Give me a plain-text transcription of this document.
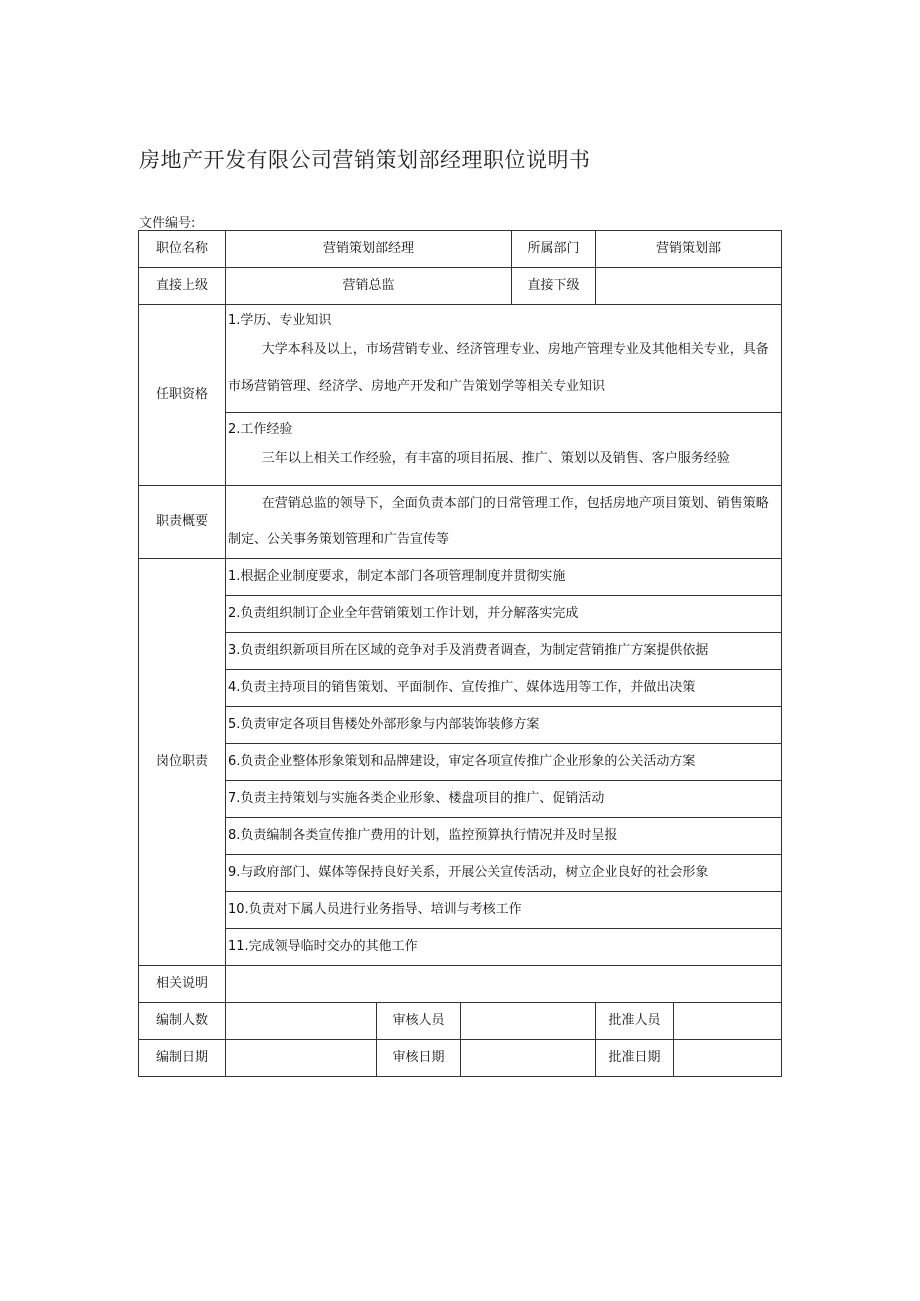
房地产开发有限公司营销策划部经理职位说明书
文件编号:
职位名称	营销策划部经理			所属部门	营销策划部	
直接上级	营销总监			直接下级		
任职资格	1.学历、专业知识
大学本科及以上，市场营销专业、经济管理专业、房地产管理专业及其他相关专业，具备市场营销管理、经济学、房地产开发和广告策划学等相关专业知识					

	2.工作经验
三年以上相关工作经验，有丰富的项目拓展、推广、策划以及销售、客户服务经验					

职责概要	在营销总监的领导下，全面负责本部门的日常管理工作，包括房地产项目策划、销售策略制定、公关事务策划管理和广告宣传等					

岗位职责	1.根据企业制度要求，制定本部门各项管理制度并贯彻实施					
	2.负责组织制订企业全年营销策划工作计划，并分解落实完成					
	3.负责组织新项目所在区域的竞争对手及消费者调查，为制定营销推广方案提供依据					
	4.负责主持项目的销售策划、平面制作、宣传推广、媒体选用等工作，并做出决策					
	5.负责审定各项目售楼处外部形象与内部装饰装修方案					
	6.负责企业整体形象策划和品牌建设，审定各项宣传推广企业形象的公关活动方案					
	7.负责主持策划与实施各类企业形象、楼盘项目的推广、促销活动					
	8.负责编制各类宣传推广费用的计划，监控预算执行情况并及时呈报					
	9.与政府部门、媒体等保持良好关系，开展公关宣传活动，树立企业良好的社会形象					
	10.负责对下属人员进行业务指导、培训与考核工作					
	11.完成领导临时交办的其他工作					
相关说明						
编制人数		审核人员			批准人员	
编制日期		审核日期			批准日期	
